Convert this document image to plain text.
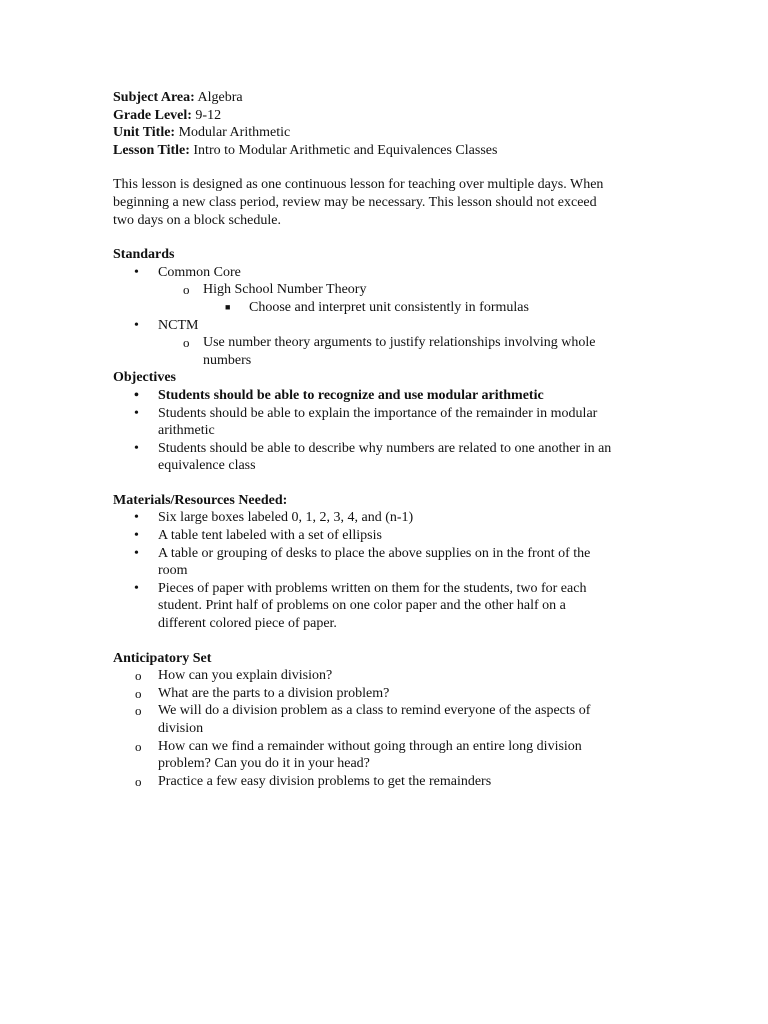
Subject Area: Algebra
Grade Level: 9-12
Unit Title: Modular Arithmetic
Lesson Title: Intro to Modular Arithmetic and Equivalences Classes
This lesson is designed as one continuous lesson for teaching over multiple days. When
beginning a new class period, review may be necessary. This lesson should not exceed
two days on a block schedule.
Standards
• Common Core
o High School Number Theory
■ Choose and interpret unit consistently in formulas
• NCTM
o Use number theory arguments to justify relationships involving whole
numbers
Objectives
• Students should be able to recognize and use modular arithmetic
• Students should be able to explain the importance of the remainder in modular
arithmetic
• Students should be able to describe why numbers are related to one another in an
equivalence class
Materials/Resources Needed:
• Six large boxes labeled 0, 1, 2, 3, 4, and (n-1)
• A table tent labeled with a set of ellipsis
• A table or grouping of desks to place the above supplies on in the front of the
room
• Pieces of paper with problems written on them for the students, two for each
student. Print half of problems on one color paper and the other half on a
different colored piece of paper.
Anticipatory Set
o How can you explain division?
o What are the parts to a division problem?
o We will do a division problem as a class to remind everyone of the aspects of
division
o How can we find a remainder without going through an entire long division
problem? Can you do it in your head?
o Practice a few easy division problems to get the remainders
